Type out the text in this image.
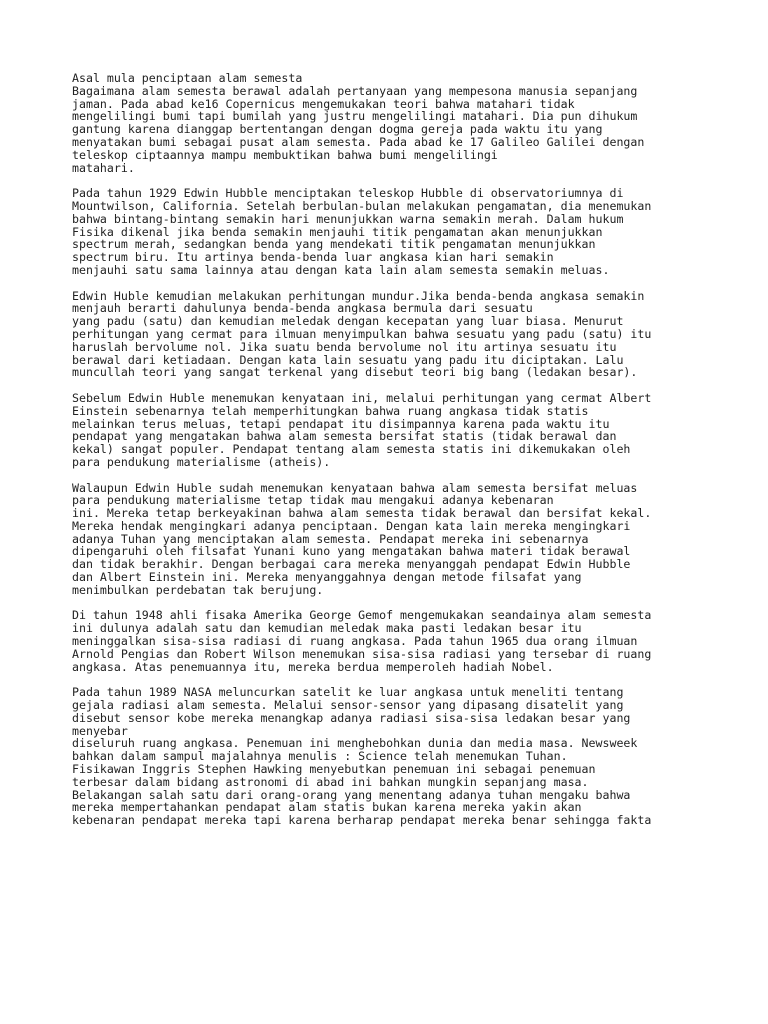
Asal mula penciptaan alam semesta
Bagaimana alam semesta berawal adalah pertanyaan yang mempesona manusia sepanjang
jaman. Pada abad ke16 Copernicus mengemukakan teori bahwa matahari tidak
mengelilingi bumi tapi bumilah yang justru mengelilingi matahari. Dia pun dihukum
gantung karena dianggap bertentangan dengan dogma gereja pada waktu itu yang
menyatakan bumi sebagai pusat alam semesta. Pada abad ke 17 Galileo Galilei dengan
teleskop ciptaannya mampu membuktikan bahwa bumi mengelilingi
matahari.
Pada tahun 1929 Edwin Hubble menciptakan teleskop Hubble di observatoriumnya di
Mountwilson, California. Setelah berbulan-bulan melakukan pengamatan, dia menemukan
bahwa bintang-bintang semakin hari menunjukkan warna semakin merah. Dalam hukum
Fisika dikenal jika benda semakin menjauhi titik pengamatan akan menunjukkan
spectrum merah, sedangkan benda yang mendekati titik pengamatan menunjukkan
spectrum biru. Itu artinya benda-benda luar angkasa kian hari semakin
menjauhi satu sama lainnya atau dengan kata lain alam semesta semakin meluas.
Edwin Huble kemudian melakukan perhitungan mundur.Jika benda-benda angkasa semakin
menjauh berarti dahulunya benda-benda angkasa bermula dari sesuatu
yang padu (satu) dan kemudian meledak dengan kecepatan yang luar biasa. Menurut
perhitungan yang cermat para ilmuan menyimpulkan bahwa sesuatu yang padu (satu) itu
haruslah bervolume nol. Jika suatu benda bervolume nol itu artinya sesuatu itu
berawal dari ketiadaan. Dengan kata lain sesuatu yang padu itu diciptakan. Lalu
muncullah teori yang sangat terkenal yang disebut teori big bang (ledakan besar).
Sebelum Edwin Huble menemukan kenyataan ini, melalui perhitungan yang cermat Albert
Einstein sebenarnya telah memperhitungkan bahwa ruang angkasa tidak statis
melainkan terus meluas, tetapi pendapat itu disimpannya karena pada waktu itu
pendapat yang mengatakan bahwa alam semesta bersifat statis (tidak berawal dan
kekal) sangat populer. Pendapat tentang alam semesta statis ini dikemukakan oleh
para pendukung materialisme (atheis).
Walaupun Edwin Huble sudah menemukan kenyataan bahwa alam semesta bersifat meluas
para pendukung materialisme tetap tidak mau mengakui adanya kebenaran
ini. Mereka tetap berkeyakinan bahwa alam semesta tidak berawal dan bersifat kekal.
Mereka hendak mengingkari adanya penciptaan. Dengan kata lain mereka mengingkari
adanya Tuhan yang menciptakan alam semesta. Pendapat mereka ini sebenarnya
dipengaruhi oleh filsafat Yunani kuno yang mengatakan bahwa materi tidak berawal
dan tidak berakhir. Dengan berbagai cara mereka menyanggah pendapat Edwin Hubble
dan Albert Einstein ini. Mereka menyanggahnya dengan metode filsafat yang
menimbulkan perdebatan tak berujung.
Di tahun 1948 ahli fisaka Amerika George Gemof mengemukakan seandainya alam semesta
ini dulunya adalah satu dan kemudian meledak maka pasti ledakan besar itu
meninggalkan sisa-sisa radiasi di ruang angkasa. Pada tahun 1965 dua orang ilmuan
Arnold Pengias dan Robert Wilson menemukan sisa-sisa radiasi yang tersebar di ruang
angkasa. Atas penemuannya itu, mereka berdua memperoleh hadiah Nobel.
Pada tahun 1989 NASA meluncurkan satelit ke luar angkasa untuk meneliti tentang
gejala radiasi alam semesta. Melalui sensor-sensor yang dipasang disatelit yang
disebut sensor kobe mereka menangkap adanya radiasi sisa-sisa ledakan besar yang
menyebar
diseluruh ruang angkasa. Penemuan ini menghebohkan dunia dan media masa. Newsweek
bahkan dalam sampul majalahnya menulis : Science telah menemukan Tuhan.
Fisikawan Inggris Stephen Hawking menyebutkan penemuan ini sebagai penemuan
terbesar dalam bidang astronomi di abad ini bahkan mungkin sepanjang masa.
Belakangan salah satu dari orang-orang yang menentang adanya tuhan mengaku bahwa
mereka mempertahankan pendapat alam statis bukan karena mereka yakin akan
kebenaran pendapat mereka tapi karena berharap pendapat mereka benar sehingga fakta
